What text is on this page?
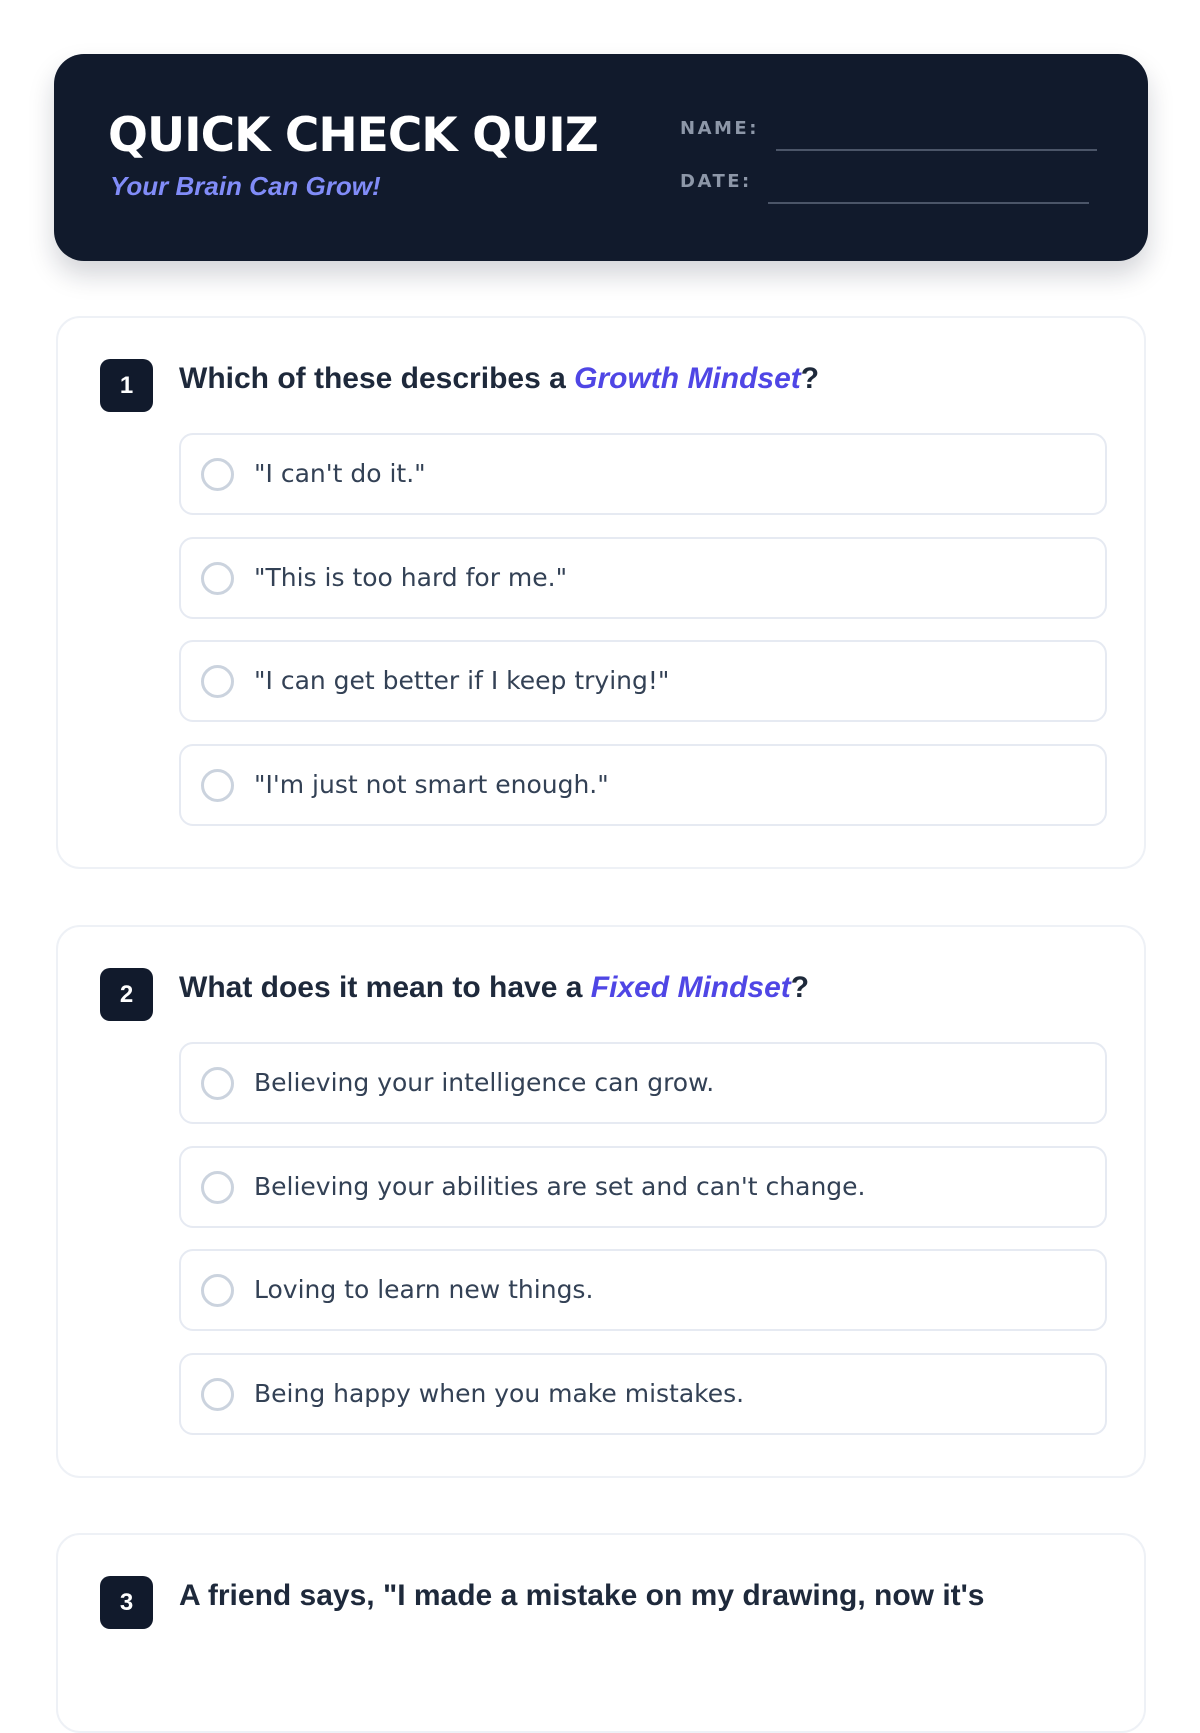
QUICK CHECK QUIZ
Your Brain Can Grow!
NAME:
DATE:
1	Which of these describes a Growth Mindset?
"I can't do it."
"This is too hard for me."
"I can get better if I keep trying!"
"I'm just not smart enough."
2	What does it mean to have a Fixed Mindset?
Believing your intelligence can grow.
Believing your abilities are set and can't change.
Loving to learn new things.
Being happy when you make mistakes.
3	A friend says, "I made a mistake on my drawing, now it's
